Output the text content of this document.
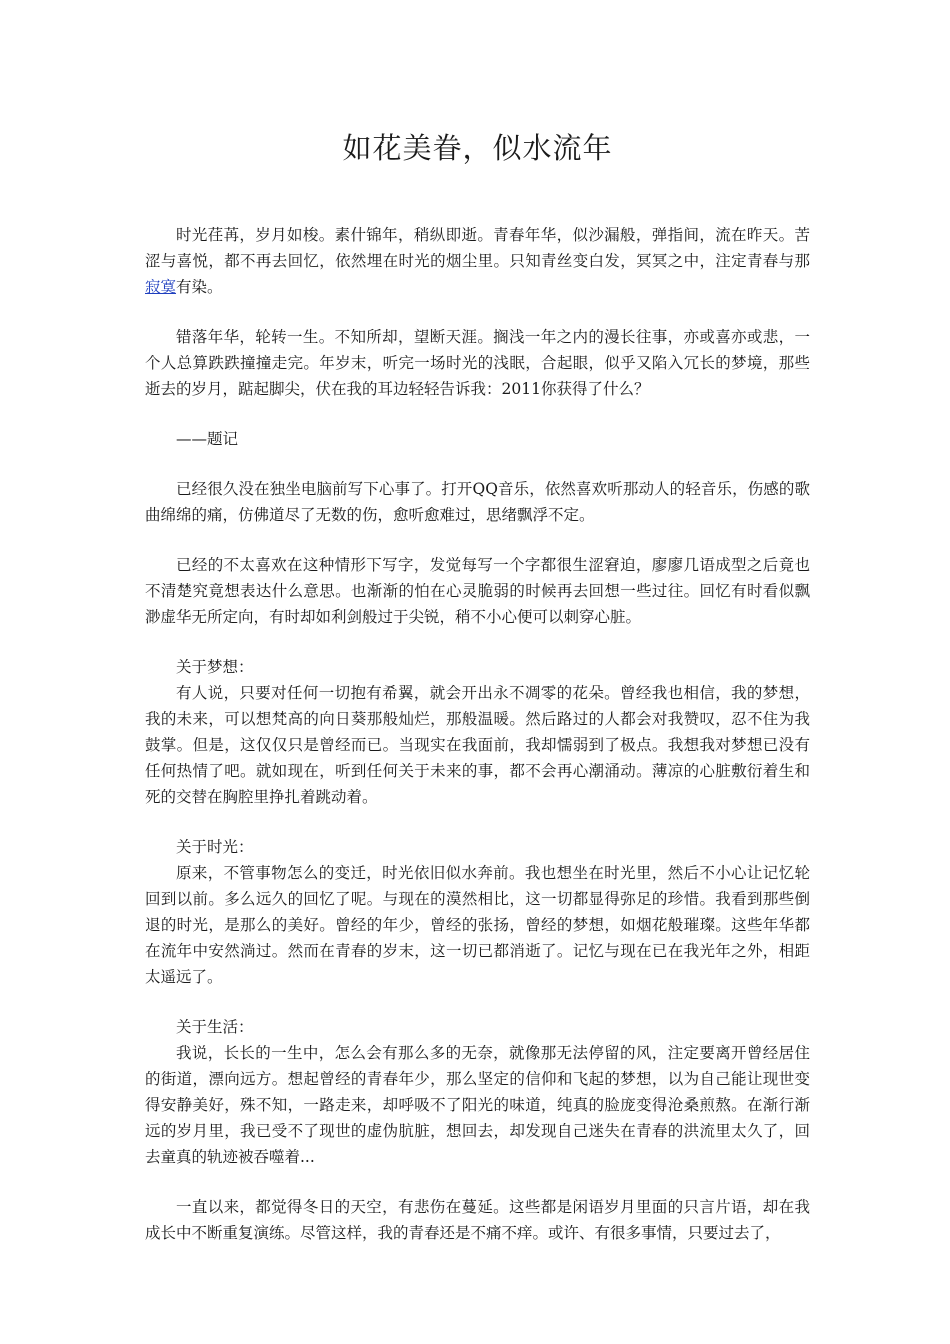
如花美眷，似水流年

时光荏苒，岁月如梭。素什锦年，稍纵即逝。青春年华，似沙漏般，弹指间，流在昨天。苦涩与喜悦，都不再去回忆，依然埋在时光的烟尘里。只知青丝变白发，冥冥之中，注定青春与那寂寞有染。

错落年华，轮转一生。不知所却，望断天涯。搁浅一年之内的漫长往事，亦或喜亦或悲，一个人总算跌跌撞撞走完。年岁末，听完一场时光的浅眠，合起眼，似乎又陷入冗长的梦境，那些逝去的岁月，踮起脚尖，伏在我的耳边轻轻告诉我：2011你获得了什么？

——题记

已经很久没在独坐电脑前写下心事了。打开QQ音乐，依然喜欢听那动人的轻音乐，伤感的歌曲绵绵的痛，仿佛道尽了无数的伤，愈听愈难过，思绪飘浮不定。

已经的不太喜欢在这种情形下写字，发觉每写一个字都很生涩窘迫，廖廖几语成型之后竟也不清楚究竟想表达什么意思。也渐渐的怕在心灵脆弱的时候再去回想一些过往。回忆有时看似飘渺虚华无所定向，有时却如利剑般过于尖锐，稍不小心便可以刺穿心脏。

关于梦想：

有人说，只要对任何一切抱有希翼，就会开出永不凋零的花朵。曾经我也相信，我的梦想，我的未来，可以想梵高的向日葵那般灿烂，那般温暖。然后路过的人都会对我赞叹，忍不住为我鼓掌。但是，这仅仅只是曾经而已。当现实在我面前，我却懦弱到了极点。我想我对梦想已没有任何热情了吧。就如现在，听到任何关于未来的事，都不会再心潮涌动。薄凉的心脏敷衍着生和死的交替在胸腔里挣扎着跳动着。

关于时光：

原来，不管事物怎么的变迁，时光依旧似水奔前。我也想坐在时光里，然后不小心让记忆轮回到以前。多么远久的回忆了呢。与现在的漠然相比，这一切都显得弥足的珍惜。我看到那些倒退的时光，是那么的美好。曾经的年少，曾经的张扬，曾经的梦想，如烟花般璀璨。这些年华都在流年中安然淌过。然而在青春的岁末，这一切已都消逝了。记忆与现在已在我光年之外，相距太遥远了。

关于生活：

我说，长长的一生中，怎么会有那么多的无奈，就像那无法停留的风，注定要离开曾经居住的街道，漂向远方。想起曾经的青春年少，那么坚定的信仰和飞起的梦想，以为自己能让现世变得安静美好，殊不知，一路走来，却呼吸不了阳光的味道，纯真的脸庞变得沧桑煎熬。在渐行渐远的岁月里，我已受不了现世的虚伪肮脏，想回去，却发现自己迷失在青春的洪流里太久了，回去童真的轨迹被吞噬着...

一直以来，都觉得冬日的天空，有悲伤在蔓延。这些都是闲语岁月里面的只言片语，却在我成长中不断重复演练。尽管这样，我的青春还是不痛不痒。或许、有很多事情，只要过去了，
